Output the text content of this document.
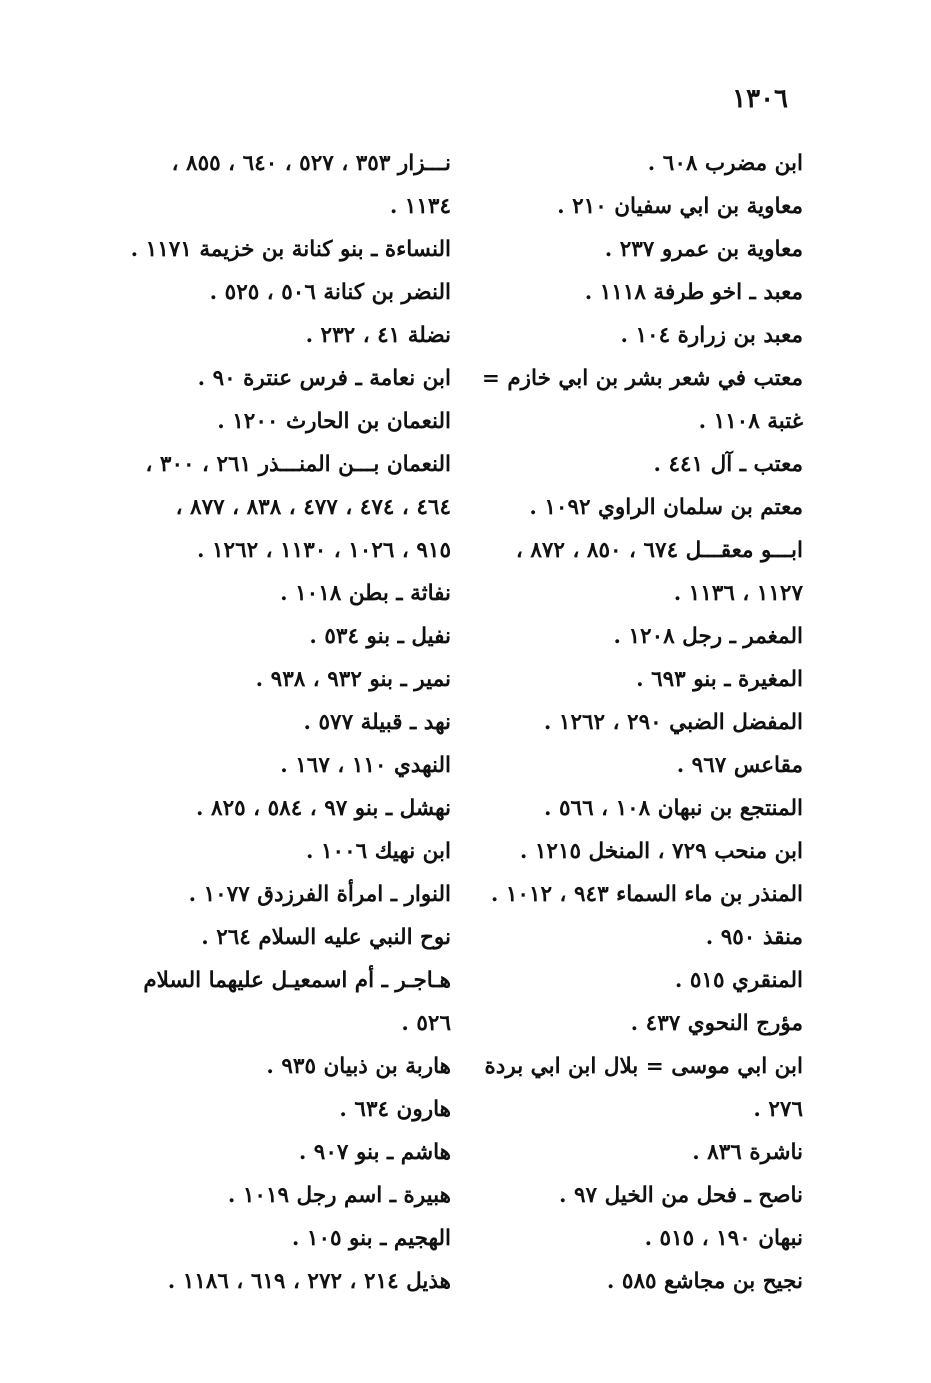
١٣٠٦
ابن مضرب ٦٠٨ .
معاوية بن ابي سفيان ٢١٠ .
معاوية بن عمرو ٢٣٧ .
معبد ـ اخو طرفة ١١١٨ .
معبد بن زرارة ١٠٤ .
معتب في شعر بشر بن ابي خازم =
غتبة ١١٠٨ .
معتب ـ آل ٤٤١ .
معتم بن سلمان الراوي ١٠٩٢ .
ابـــو معقـــل ٦٧٤ ، ٨٥٠ ، ٨٧٢ ،
١١٢٧ ، ١١٣٦ .
المغمر ـ رجل ١٢٠٨ .
المغيرة ـ بنو ٦٩٣ .
المفضل الضبي ٢٩٠ ، ١٢٦٢ .
مقاعس ٩٦٧ .
المنتجع بن نبهان ١٠٨ ، ٥٦٦ .
ابن منحب ٧٢٩ ، المنخل ١٢١٥ .
المنذر بن ماء السماء ٩٤٣ ، ١٠١٢ .
منقذ ٩٥٠ .
المنقري ٥١٥ .
مؤرج النحوي ٤٣٧ .
ابن ابي موسى = بلال ابن ابي بردة
٢٧٦ .
ناشرة ٨٣٦ .
ناصح ـ فحل من الخيل ٩٧ .
نبهان ١٩٠ ، ٥١٥ .
نجيح بن مجاشع ٥٨٥ .
نـــزار ٣٥٣ ، ٥٢٧ ، ٦٤٠ ، ٨٥٥ ،
١١٣٤ .
النساءة ـ بنو كنانة بن خزيمة ١١٧١ .
النضر بن كنانة ٥٠٦ ، ٥٢٥ .
نضلة ٤١ ، ٢٣٢ .
ابن نعامة ـ فرس عنترة ٩٠ .
النعمان بن الحارث ١٢٠٠ .
النعمان بـــن المنـــذر ٢٦١ ، ٣٠٠ ،
٤٦٤ ، ٤٧٤ ، ٤٧٧ ، ٨٣٨ ، ٨٧٧ ،
٩١٥ ، ١٠٢٦ ، ١١٣٠ ، ١٢٦٢ .
نفاثة ـ بطن ١٠١٨ .
نفيل ـ بنو ٥٣٤ .
نمير ـ بنو ٩٣٢ ، ٩٣٨ .
نهد ـ قبيلة ٥٧٧ .
النهدي ١١٠ ، ١٦٧ .
نهشل ـ بنو ٩٧ ، ٥٨٤ ، ٨٢٥ .
ابن نهيك ١٠٠٦ .
النوار ـ امرأة الفرزدق ١٠٧٧ .
نوح النبي عليه السلام ٢٦٤ .
هـاجـر ـ أم اسمعيـل عليهما السلام
٥٢٦ .
هاربة بن ذبيان ٩٣٥ .
هارون ٦٣٤ .
هاشم ـ بنو ٩٠٧ .
هبيرة ـ اسم رجل ١٠١٩ .
الهجيم ـ بنو ١٠٥ .
هذيل ٢١٤ ، ٢٧٢ ، ٦١٩ ، ١١٨٦ .
